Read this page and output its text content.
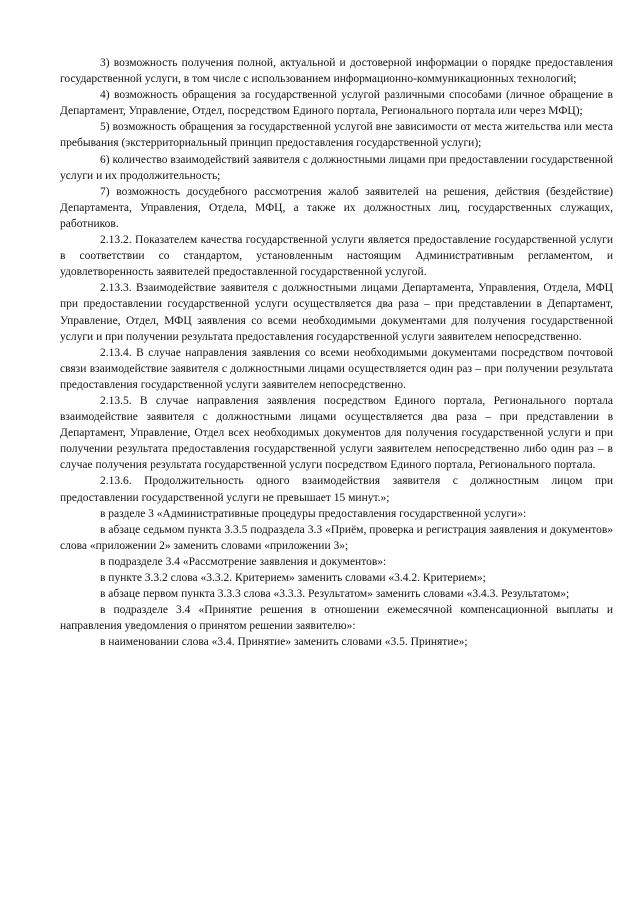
3) возможность получения полной, актуальной и достоверной информации о порядке предоставления государственной услуги, в том числе с использованием информационно-коммуникационных технологий;

4) возможность обращения за государственной услугой различными способами (личное обращение в Департамент, Управление, Отдел, посредством Единого портала, Регионального портала или через МФЦ);

5) возможность обращения за государственной услугой вне зависимости от места жительства или места пребывания (экстерриториальный принцип предоставления государственной услуги);

6) количество взаимодействий заявителя с должностными лицами при предоставлении государственной услуги и их продолжительность;

7) возможность досудебного рассмотрения жалоб заявителей на решения, действия (бездействие) Департамента, Управления, Отдела, МФЦ, а также их должностных лиц, государственных служащих, работников.

2.13.2. Показателем качества государственной услуги является предоставление государственной услуги в соответствии со стандартом, установленным настоящим Административным регламентом, и удовлетворенность заявителей предоставленной государственной услугой.

2.13.3. Взаимодействие заявителя с должностными лицами Департамента, Управления, Отдела, МФЦ при предоставлении государственной услуги осуществляется два раза – при представлении в Департамент, Управление, Отдел, МФЦ заявления со всеми необходимыми документами для получения государственной услуги и при получении результата предоставления государственной услуги заявителем непосредственно.

2.13.4. В случае направления заявления со всеми необходимыми документами посредством почтовой связи взаимодействие заявителя с должностными лицами осуществляется один раз – при получении результата предоставления государственной услуги заявителем непосредственно.

2.13.5. В случае направления заявления посредством Единого портала, Регионального портала взаимодействие заявителя с должностными лицами осуществляется два раза – при представлении в Департамент, Управление, Отдел всех необходимых документов для получения государственной услуги и при получении результата предоставления государственной услуги заявителем непосредственно либо один раз – в случае получения результата государственной услуги посредством Единого портала, Регионального портала.

2.13.6. Продолжительность одного взаимодействия заявителя с должностным лицом при предоставлении государственной услуги не превышает 15 минут.»;

в разделе 3 «Административные процедуры предоставления государственной услуги»:

в абзаце седьмом пункта 3.3.5 подраздела 3.3 «Приём, проверка и регистрация заявления и документов» слова «приложении 2» заменить словами «приложении 3»;

в подразделе 3.4 «Рассмотрение заявления и документов»:

в пункте 3.3.2 слова «3.3.2. Критерием» заменить словами «3.4.2. Критерием»;

в абзаце первом пункта 3.3.3 слова «3.3.3. Результатом» заменить словами «3.4.3. Результатом»;

в подразделе 3.4 «Принятие решения в отношении ежемесячной компенсационной выплаты и направления уведомления о принятом решении заявителю»:

в наименовании слова «3.4. Принятие» заменить словами «3.5. Принятие»;
